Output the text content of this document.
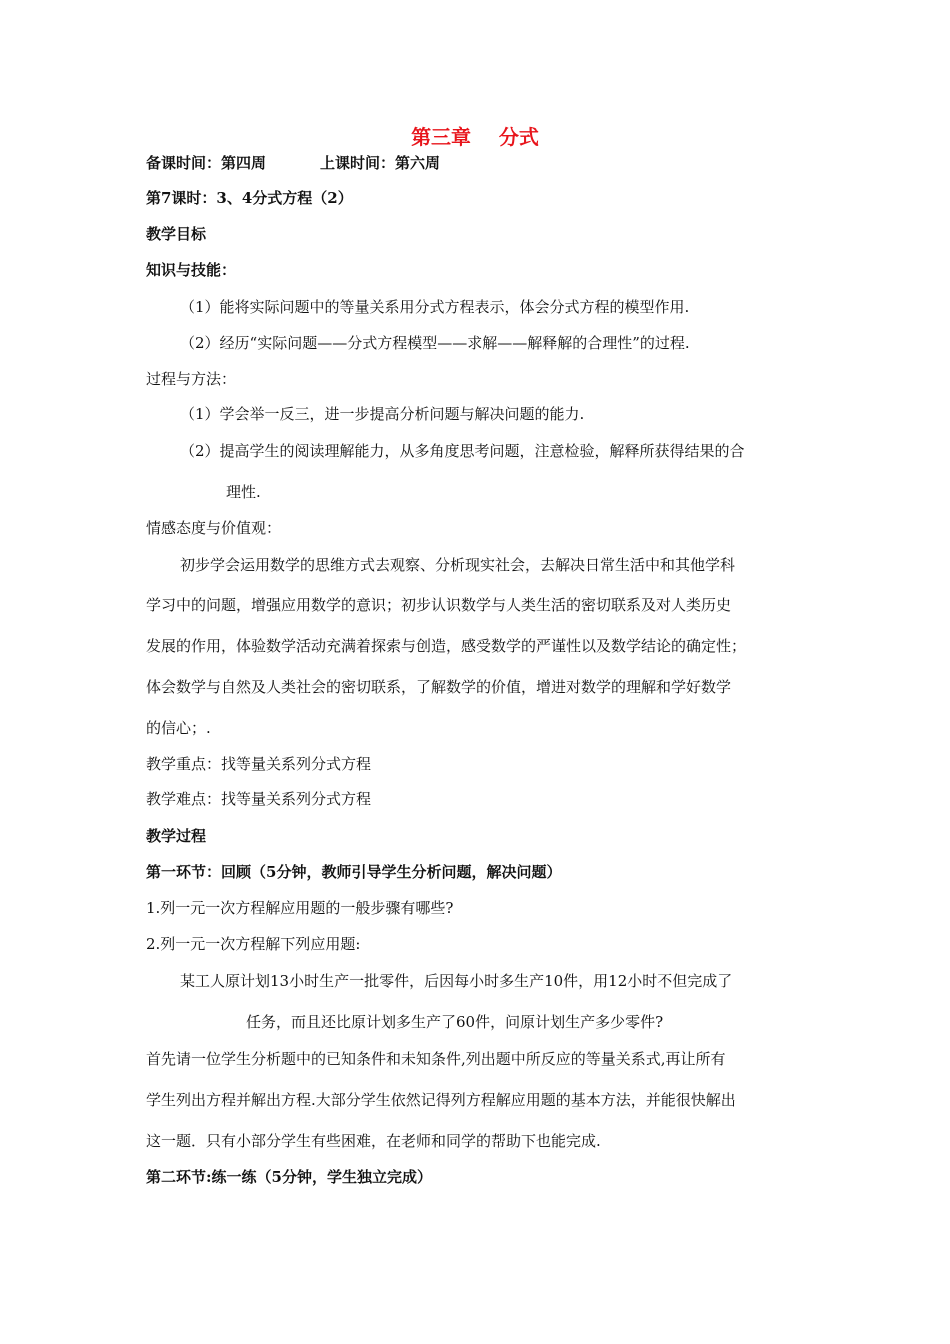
第三章    分式
备课时间：第四周	上课时间：第六周
第7课时：3、4分式方程（2）
教学目标
知识与技能：
（1）能将实际问题中的等量关系用分式方程表示，体会分式方程的模型作用.
（2）经历“实际问题——分式方程模型——求解——解释解的合理性”的过程.
过程与方法：
（1）学会举一反三，进一步提高分析问题与解决问题的能力.
（2）提高学生的阅读理解能力，从多角度思考问题，注意检验，解释所获得结果的合
理性.
情感态度与价值观：
初步学会运用数学的思维方式去观察、分析现实社会，去解决日常生活中和其他学科
学习中的问题，增强应用数学的意识；初步认识数学与人类生活的密切联系及对人类历史
发展的作用，体验数学活动充满着探索与创造，感受数学的严谨性以及数学结论的确定性；
体会数学与自然及人类社会的密切联系，了解数学的价值，增进对数学的理解和学好数学
的信心；.
教学重点：找等量关系列分式方程
教学难点：找等量关系列分式方程
教学过程
第一环节：回顾（5分钟，教师引导学生分析问题，解决问题）
1.列一元一次方程解应用题的一般步骤有哪些?
2.列一元一次方程解下列应用题:
某工人原计划13小时生产一批零件，后因每小时多生产10件，用12小时不但完成了
任务，而且还比原计划多生产了60件，问原计划生产多少零件?
首先请一位学生分析题中的已知条件和未知条件,列出题中所反应的等量关系式,再让所有
学生列出方程并解出方程.大部分学生依然记得列方程解应用题的基本方法，并能很快解出
这一题．只有小部分学生有些困难，在老师和同学的帮助下也能完成.
第二环节:练一练（5分钟，学生独立完成）
